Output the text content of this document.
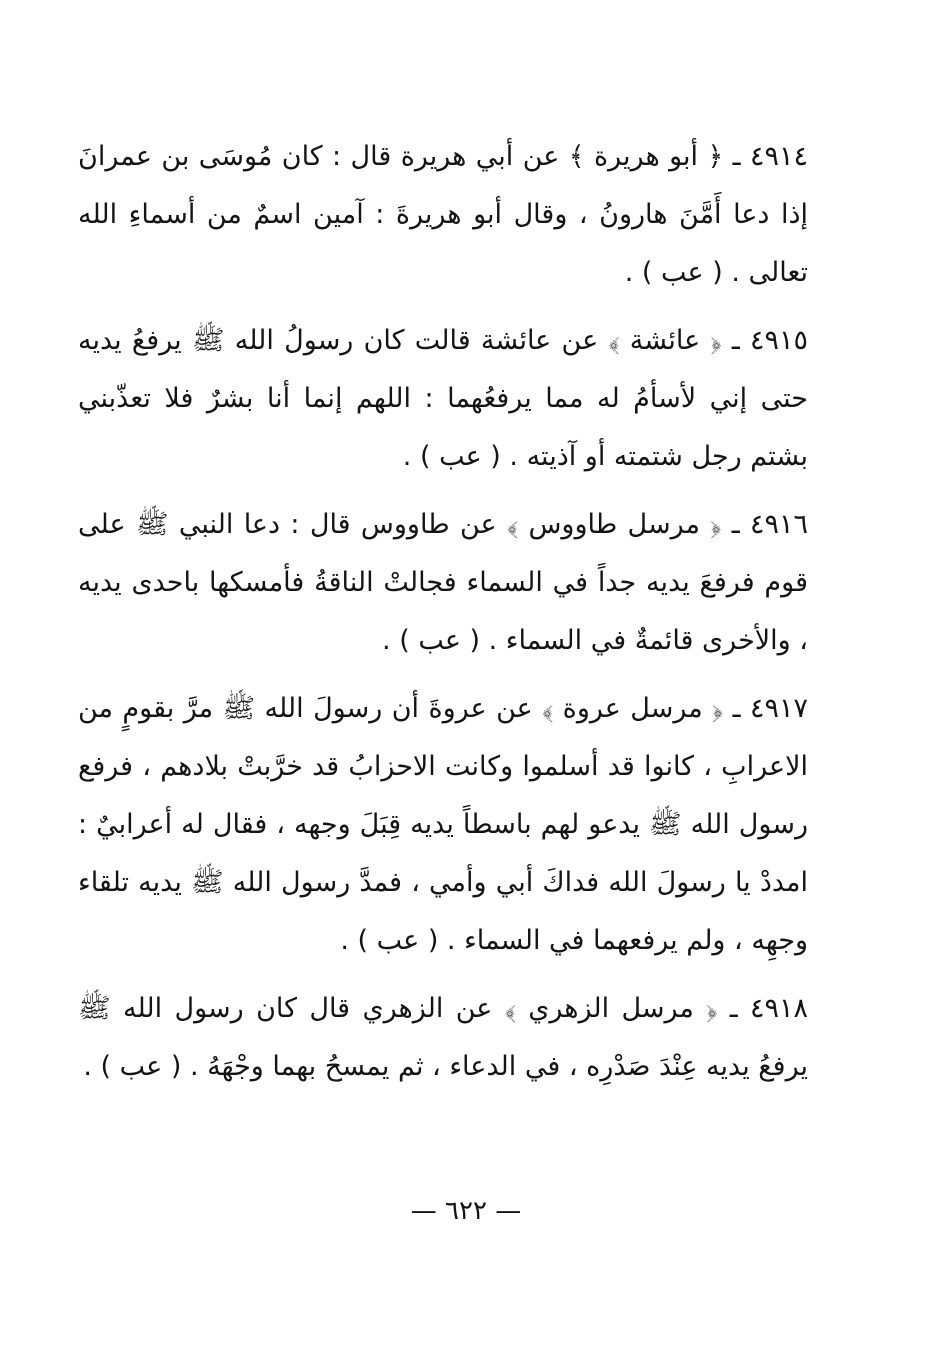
٤٩١٤ ـ ﴿ أبو هريرة ﴾ عن أبي هريرة قال : كان مُوسَى بن عمرانَ إذا دعا أَمَّنَ هارونُ ، وقال أبو هريرةَ : آمين اسمٌ من أسماءِ الله تعالى . ( عب ) .

٤٩١٥ ـ ﴿ عائشة ﴾ عن عائشة قالت كان رسولُ الله ﷺ يرفعُ يديه حتى إني لأسأمُ له مما يرفعُهما : اللهم إنما أنا بشرٌ فلا تعذّبني بشتم رجل شتمته أو آذيته . ( عب ) .

٤٩١٦ ـ ﴿ مرسل طاووس ﴾ عن طاووس قال : دعا النبي ﷺ على قوم فرفعَ يديه جداً في السماء فجالتْ الناقةُ فأمسكها باحدى يديه ، والأخرى قائمةٌ في السماء . ( عب ) .

٤٩١٧ ـ ﴿ مرسل عروة ﴾ عن عروةَ أن رسولَ الله ﷺ مرَّ بقومٍ من الاعرابِ ، كانوا قد أسلموا وكانت الاحزابُ قد خرَّبتْ بلادهم ، فرفع رسول الله ﷺ يدعو لهم باسطاً يديه قِبَلَ وجهه ، فقال له أعرابيٌ : امددْ يا رسولَ الله فداكَ أبي وأمي ، فمدَّ رسول الله ﷺ يديه تلقاء وجهِه ، ولم يرفعهما في السماء . ( عب ) .

٤٩١٨ ـ ﴿ مرسل الزهري ﴾ عن الزهري قال كان رسول الله ﷺ يرفعُ يديه عِنْدَ صَدْرِه ، في الدعاء ، ثم يمسحُ بهما وجْهَهُ . ( عب ) .

— ٦٢٢ —
